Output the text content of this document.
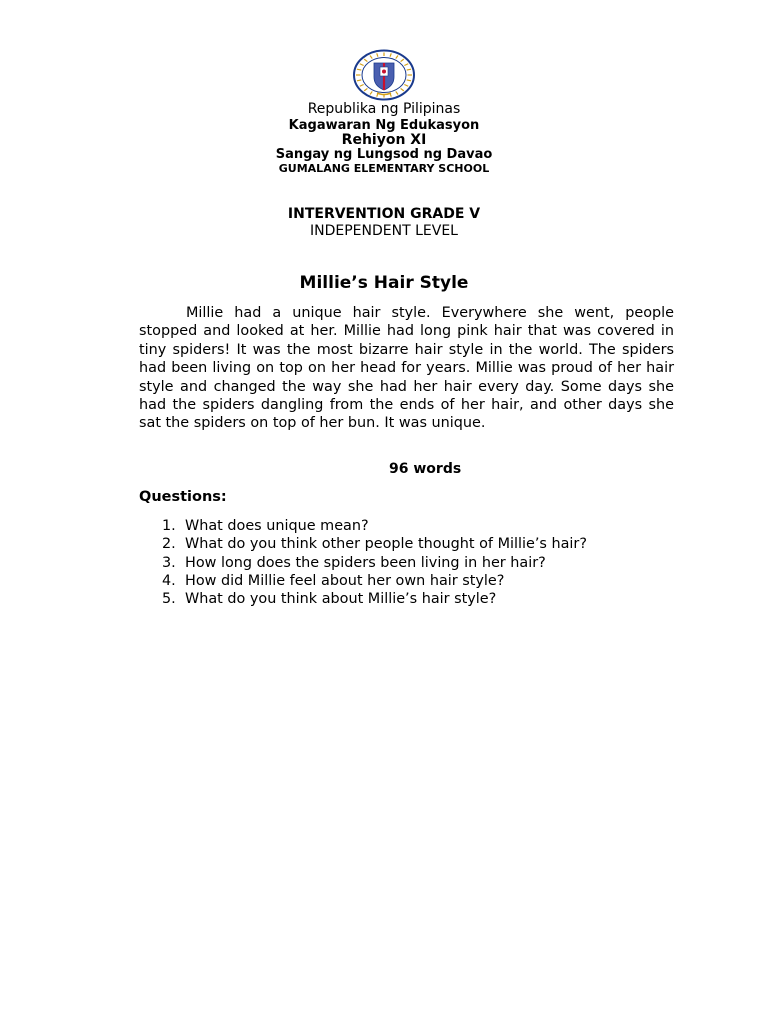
Republika ng Pilipinas
Kagawaran Ng Edukasyon
Rehiyon XI
Sangay ng Lungsod ng Davao
GUMALANG ELEMENTARY SCHOOL
INTERVENTION GRADE V
INDEPENDENT LEVEL
Millie’s Hair Style

Millie had a unique hair style. Everywhere she went, people stopped and looked at her. Millie had long pink hair that was covered in tiny spiders! It was the most bizarre hair style in the world. The spiders had been living on top on her head for years. Millie was proud of her hair style and changed the way she had her hair every day. Some days she had the spiders dangling from the ends of her hair, and other days she sat the spiders on top of her bun. It was unique.

96 words
Questions:
1. What does unique mean?
2. What do you think other people thought of Millie’s hair?
3. How long does the spiders been living in her hair?
4. How did Millie feel about her own hair style?
5. What do you think about Millie’s hair style?
